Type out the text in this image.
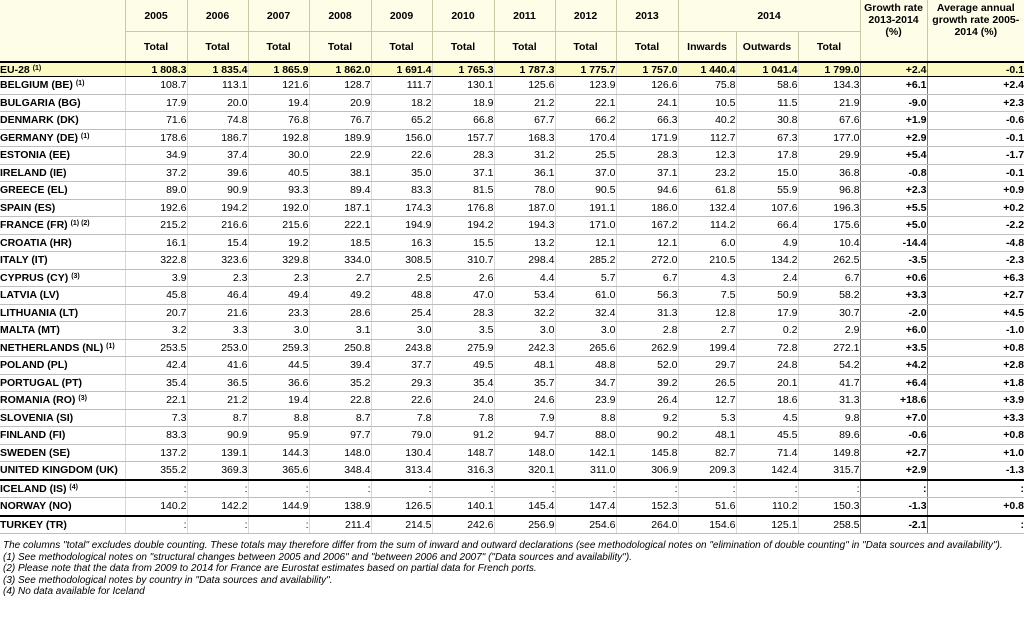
	2005	2006	2007	2008	2009	2010	2011	2012	2013	2014			Growth rate 2013-2014 (%)	Average annual growth rate 2005-2014 (%)
	Total	Total	Total	Total	Total	Total	Total	Total	Total	Inwards	Outwards	Total		
EU-28 $^{(1)}$	1 808.3	1 835.4	1 865.9	1 862.0	1 691.4	1 765.3	1 787.3	1 775.7	1 757.0	1 440.4	1 041.4	1 799.0	+2.4	-0.1
BELGIUM (BE) $^{(1)}$	108.7	113.1	121.6	128.7	111.7	130.1	125.6	123.9	126.6	75.8	58.6	134.3	+6.1	+2.4
BULGARIA (BG)	17.9	20.0	19.4	20.9	18.2	18.9	21.2	22.1	24.1	10.5	11.5	21.9	-9.0	+2.3
DENMARK (DK)	71.6	74.8	76.8	76.7	65.2	66.8	67.7	66.2	66.3	40.2	30.8	67.6	+1.9	-0.6
GERMANY (DE) $^{(1)}$	178.6	186.7	192.8	189.9	156.0	157.7	168.3	170.4	171.9	112.7	67.3	177.0	+2.9	-0.1
ESTONIA (EE)	34.9	37.4	30.0	22.9	22.6	28.3	31.2	25.5	28.3	12.3	17.8	29.9	+5.4	-1.7
IRELAND (IE)	37.2	39.6	40.5	38.1	35.0	37.1	36.1	37.0	37.1	23.2	15.0	36.8	-0.8	-0.1
GREECE (EL)	89.0	90.9	93.3	89.4	83.3	81.5	78.0	90.5	94.6	61.8	55.9	96.8	+2.3	+0.9
SPAIN (ES)	192.6	194.2	192.0	187.1	174.3	176.8	187.0	191.1	186.0	132.4	107.6	196.3	+5.5	+0.2
FRANCE (FR) $^{(1) (2)}$	215.2	216.6	215.6	222.1	194.9	194.2	194.3	171.0	167.2	114.2	66.4	175.6	+5.0	-2.2
CROATIA (HR)	16.1	15.4	19.2	18.5	16.3	15.5	13.2	12.1	12.1	6.0	4.9	10.4	-14.4	-4.8
ITALY (IT)	322.8	323.6	329.8	334.0	308.5	310.7	298.4	285.2	272.0	210.5	134.2	262.5	-3.5	-2.3
CYPRUS (CY) $^{(3)}$	3.9	2.3	2.3	2.7	2.5	2.6	4.4	5.7	6.7	4.3	2.4	6.7	+0.6	+6.3
LATVIA (LV)	45.8	46.4	49.4	49.2	48.8	47.0	53.4	61.0	56.3	7.5	50.9	58.2	+3.3	+2.7
LITHUANIA (LT)	20.7	21.6	23.3	28.6	25.4	28.3	32.2	32.4	31.3	12.8	17.9	30.7	-2.0	+4.5
MALTA (MT)	3.2	3.3	3.0	3.1	3.0	3.5	3.0	3.0	2.8	2.7	0.2	2.9	+6.0	-1.0
NETHERLANDS (NL) $^{(1)}$	253.5	253.0	259.3	250.8	243.8	275.9	242.3	265.6	262.9	199.4	72.8	272.1	+3.5	+0.8
POLAND (PL)	42.4	41.6	44.5	39.4	37.7	49.5	48.1	48.8	52.0	29.7	24.8	54.2	+4.2	+2.8
PORTUGAL (PT)	35.4	36.5	36.6	35.2	29.3	35.4	35.7	34.7	39.2	26.5	20.1	41.7	+6.4	+1.8
ROMANIA (RO) $^{(3)}$	22.1	21.2	19.4	22.8	22.6	24.0	24.6	23.9	26.4	12.7	18.6	31.3	+18.6	+3.9
SLOVENIA (SI)	7.3	8.7	8.8	8.7	7.8	7.8	7.9	8.8	9.2	5.3	4.5	9.8	+7.0	+3.3
FINLAND (FI)	83.3	90.9	95.9	97.7	79.0	91.2	94.7	88.0	90.2	48.1	45.5	89.6	-0.6	+0.8
SWEDEN (SE)	137.2	139.1	144.3	148.0	130.4	148.7	148.0	142.1	145.8	82.7	71.4	149.8	+2.7	+1.0
UNITED KINGDOM (UK)	355.2	369.3	365.6	348.4	313.4	316.3	320.1	311.0	306.9	209.3	142.4	315.7	+2.9	-1.3
ICELAND (IS) $^{(4)}$	:	:	:	:	:	:	:	:	:	:	:	:	:	:
NORWAY (NO)	140.2	142.2	144.9	138.9	126.5	140.1	145.4	147.4	152.3	51.6	110.2	150.3	-1.3	+0.8
TURKEY (TR)	:	:	:	211.4	214.5	242.6	256.9	254.6	264.0	154.6	125.1	258.5	-2.1	:

The columns "total" excludes double counting. These totals may therefore differ from the sum of inward and outward declarations (see methodological notes on "elimination of double counting" in "Data sources and availability").

(1) See methodological notes on "structural changes between 2005 and 2006" and "between 2006 and 2007" ("Data sources and availability").

(2) Please note that the data from 2009 to 2014 for France are Eurostat estimates based on partial data for French ports.

(3) See methodological notes by country in "Data sources and availability".

(4) No data available for Iceland
